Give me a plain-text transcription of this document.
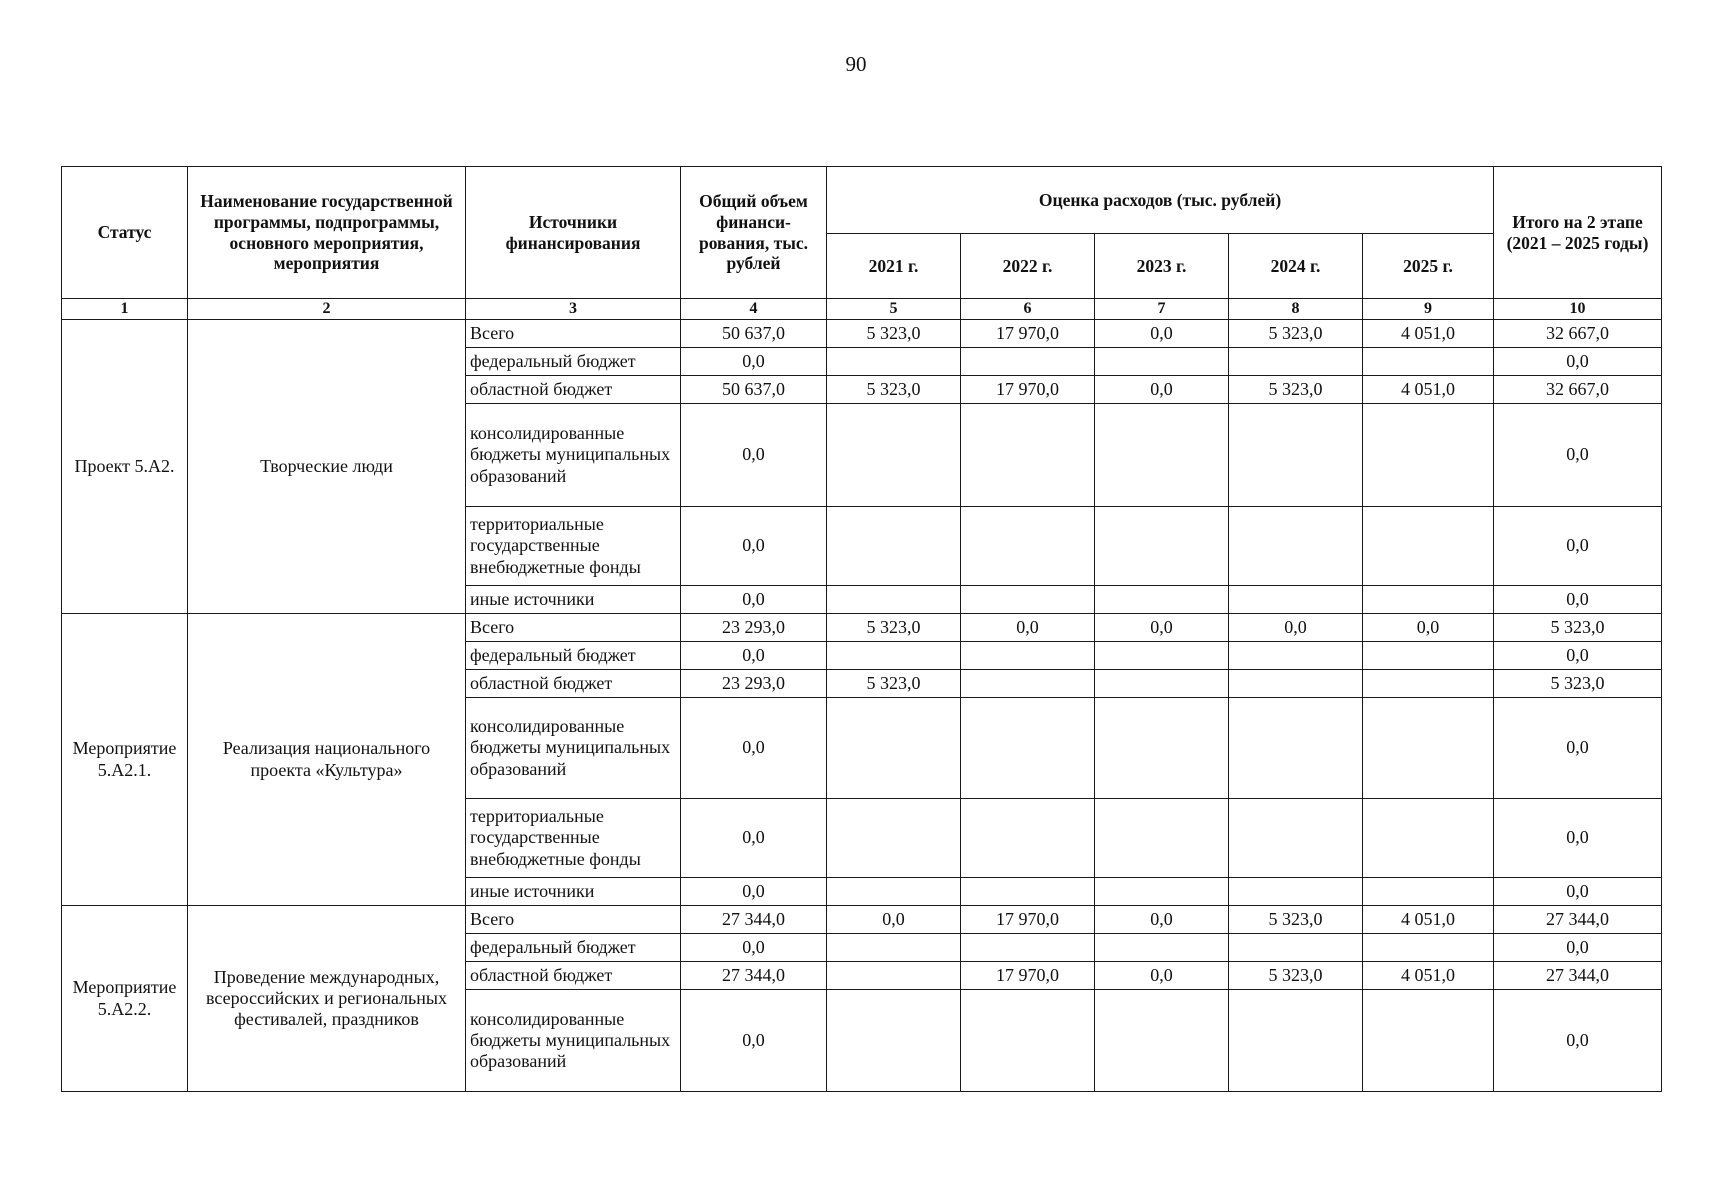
90
Статус	Наименование государственной программы, подпрограммы, основного мероприятия, мероприятия	Источники финансирования	Общий объем финанси-рования, тыс. рублей	Оценка расходов (тыс. рублей)					Итого на 2 этапе (2021 – 2025 годы)
				2021 г.	2022 г.	2023 г.	2024 г.	2025 г.	
1	2	3	4	5	6	7	8	9	10
Проект 5.А2.	Творческие люди	Всего	50 637,0	5 323,0	17 970,0	0,0	5 323,0	4 051,0	32 667,0
		федеральный бюджет	0,0						0,0
		областной бюджет	50 637,0	5 323,0	17 970,0	0,0	5 323,0	4 051,0	32 667,0
		консолидированные бюджеты муниципальных образований	0,0						0,0
		территориальные государственные внебюджетные фонды	0,0						0,0
		иные источники	0,0						0,0
Мероприятие 5.А2.1.	Реализация национального проекта «Культура»	Всего	23 293,0	5 323,0	0,0	0,0	0,0	0,0	5 323,0
		федеральный бюджет	0,0						0,0
		областной бюджет	23 293,0	5 323,0					5 323,0
		консолидированные бюджеты муниципальных образований	0,0						0,0
		территориальные государственные внебюджетные фонды	0,0						0,0
		иные источники	0,0						0,0
Мероприятие 5.А2.2.	Проведение международных, всероссийских и региональных фестивалей, праздников	Всего	27 344,0	0,0	17 970,0	0,0	5 323,0	4 051,0	27 344,0
		федеральный бюджет	0,0						0,0
		областной бюджет	27 344,0		17 970,0	0,0	5 323,0	4 051,0	27 344,0
		консолидированные бюджеты муниципальных образований	0,0						0,0
